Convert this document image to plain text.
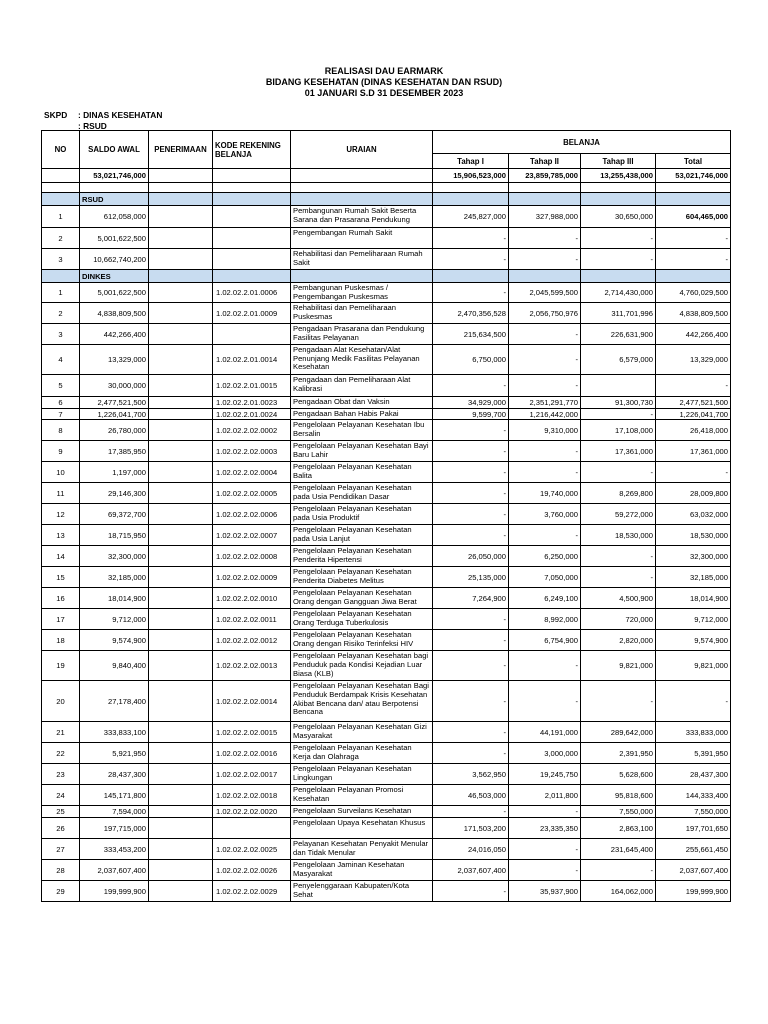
REALISASI DAU EARMARK
BIDANG KESEHATAN (DINAS KESEHATAN DAN RSUD)
01 JANUARI S.D 31 DESEMBER 2023
SKPD : DINAS KESEHATAN
: RSUD
NO	SALDO AWAL	PENERIMAAN	KODE REKENING BELANJA	URAIAN	BELANJA			
					Tahap I	Tahap II	Tahap III	Total
	53,021,746,000				15,906,523,000	23,859,785,000	13,255,438,000	53,021,746,000

	RSUD							
1	612,058,000			Pembangunan Rumah Sakit Beserta Sarana dan Prasarana Pendukung	245,827,000	327,988,000	30,650,000	604,465,000
2	5,001,622,500			Pengembangan Rumah Sakit	-	-	-	-
3	10,662,740,200			Rehabilitasi dan Pemeliharaan Rumah Sakit	-	-	-	-
	DINKES							
1	5,001,622,500		1.02.02.2.01.0006	Pembangunan Puskesmas / Pengembangan Puskesmas	-	2,045,599,500	2,714,430,000	4,760,029,500
2	4,838,809,500		1.02.02.2.01.0009	Rehabilitasi dan Pemeliharaan Puskesmas	2,470,356,528	2,056,750,976	311,701,996	4,838,809,500
3	442,266,400			Pengadaan Prasarana dan Pendukung Fasilitas Pelayanan	215,634,500	-	226,631,900	442,266,400
4	13,329,000		1.02.02.2.01.0014	Pengadaan Alat Kesehatan/Alat Penunjang Medik Fasilitas Pelayanan Kesehatan	6,750,000	-	6,579,000	13,329,000
5	30,000,000		1.02.02.2.01.0015	Pengadaan dan Pemeliharaan Alat Kalibrasi	-	-		-
6	2,477,521,500		1.02.02.2.01.0023	Pengadaan Obat dan Vaksin	34,929,000	2,351,291,770	91,300,730	2,477,521,500
7	1,226,041,700		1.02.02.2.01.0024	Pengadaan Bahan Habis Pakai	9,599,700	1,216,442,000	-	1,226,041,700
8	26,780,000		1.02.02.2.02.0002	Pengelolaan Pelayanan Kesehatan Ibu Bersalin	-	9,310,000	17,108,000	26,418,000
9	17,385,950		1.02.02.2.02.0003	Pengelolaan Pelayanan Kesehatan Bayi Baru Lahir	-	-	17,361,000	17,361,000
10	1,197,000		1.02.02.2.02.0004	Pengelolaan Pelayanan Kesehatan Balita	-	-	-	-
11	29,146,300		1.02.02.2.02.0005	Pengelolaan Pelayanan Kesehatan pada Usia Pendidikan Dasar	-	19,740,000	8,269,800	28,009,800
12	69,372,700		1.02.02.2.02.0006	Pengelolaan Pelayanan Kesehatan pada Usia Produktif	-	3,760,000	59,272,000	63,032,000
13	18,715,950		1.02.02.2.02.0007	Pengelolaan Pelayanan Kesehatan pada Usia Lanjut	-	-	18,530,000	18,530,000
14	32,300,000		1.02.02.2.02.0008	Pengelolaan Pelayanan Kesehatan Penderita Hipertensi	26,050,000	6,250,000	-	32,300,000
15	32,185,000		1.02.02.2.02.0009	Pengelolaan Pelayanan Kesehatan Penderita Diabetes Melitus	25,135,000	7,050,000	-	32,185,000
16	18,014,900		1.02.02.2.02.0010	Pengelolaan Pelayanan Kesehatan Orang dengan Gangguan Jiwa Berat	7,264,900	6,249,100	4,500,900	18,014,900
17	9,712,000		1.02.02.2.02.0011	Pengelolaan Pelayanan Kesehatan Orang Terduga Tuberkulosis	-	8,992,000	720,000	9,712,000
18	9,574,900		1.02.02.2.02.0012	Pengelolaan Pelayanan Kesehatan Orang dengan Risiko Terinfeksi HIV	-	6,754,900	2,820,000	9,574,900
19	9,840,400		1.02.02.2.02.0013	Pengelolaan Pelayanan Kesehatan bagi Penduduk pada Kondisi Kejadian Luar Biasa (KLB)	-	-	9,821,000	9,821,000
20	27,178,400		1.02.02.2.02.0014	Pengelolaan Pelayanan Kesehatan Bagi Penduduk Berdampak Krisis Kesehatan Akibat Bencana dan/ atau Berpotensi Bencana	-	-	-	-
21	333,833,100		1.02.02.2.02.0015	Pengelolaan Pelayanan Kesehatan Gizi Masyarakat	-	44,191,000	289,642,000	333,833,000
22	5,921,950		1.02.02.2.02.0016	Pengelolaan Pelayanan Kesehatan Kerja dan Olahraga	-	3,000,000	2,391,950	5,391,950
23	28,437,300		1.02.02.2.02.0017	Pengelolaan Pelayanan Kesehatan Lingkungan	3,562,950	19,245,750	5,628,600	28,437,300
24	145,171,800		1.02.02.2.02.0018	Pengelolaan Pelayanan Promosi Kesehatan	46,503,000	2,011,800	95,818,600	144,333,400
25	7,594,000		1.02.02.2.02.0020	Pengelolaan Surveilans Kesehatan	-	-	7,550,000	7,550,000
26	197,715,000			Pengelolaan Upaya Kesehatan Khusus	171,503,200	23,335,350	2,863,100	197,701,650
27	333,453,200		1.02.02.2.02.0025	Pelayanan Kesehatan Penyakit Menular dan Tidak Menular	24,016,050	-	231,645,400	255,661,450
28	2,037,607,400		1.02.02.2.02.0026	Pengelolaan Jaminan Kesehatan Masyarakat	2,037,607,400	-	-	2,037,607,400
29	199,999,900		1.02.02.2.02.0029	Penyelenggaraan Kabupaten/Kota Sehat	-	35,937,900	164,062,000	199,999,900
